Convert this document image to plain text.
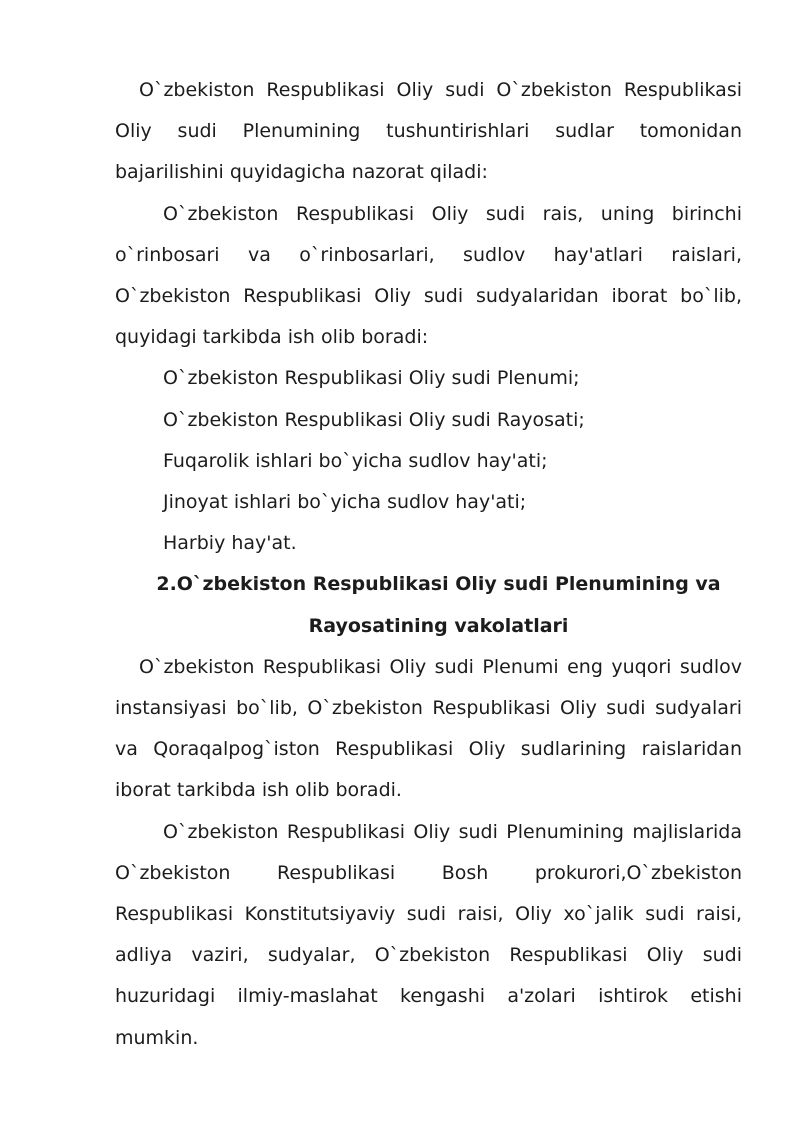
O`zbekiston Respublikasi Oliy sudi O`zbekiston Respublikasi Oliy sudi Plenumining tushuntirishlari sudlar tomonidan bajarilishini quyidagicha nazorat qiladi:

O`zbekiston Respublikasi Oliy sudi rais, uning birinchi o`rinbosari va o`rinbosarlari, sudlov hay'atlari raislari, O`zbekiston Respublikasi Oliy sudi sudyalaridan iborat bo`lib, quyidagi tarkibda ish olib boradi:

O`zbekiston Respublikasi Oliy sudi Plenumi;

O`zbekiston Respublikasi Oliy sudi Rayosati;

Fuqarolik ishlari bo`yicha sudlov hay'ati;

Jinoyat ishlari bo`yicha sudlov hay'ati;

Harbiy hay'at.

2.O`zbekiston Respublikasi Oliy sudi Plenumining va

Rayosatining vakolatlari

O`zbekiston Respublikasi Oliy sudi Plenumi eng yuqori sudlov instansiyasi bo`lib, O`zbekiston Respublikasi Oliy sudi sudyalari va Qoraqalpog`iston Respublikasi Oliy sudlarining raislaridan iborat tarkibda ish olib boradi.

O`zbekiston Respublikasi Oliy sudi Plenumining majlislarida O`zbekiston Respublikasi Bosh prokurori,O`zbekiston Respublikasi Konstitutsiyaviy sudi raisi, Oliy xo`jalik sudi raisi, adliya vaziri, sudyalar, O`zbekiston Respublikasi Oliy sudi huzuridagi ilmiy-maslahat kengashi a'zolari ishtirok etishi mumkin.
